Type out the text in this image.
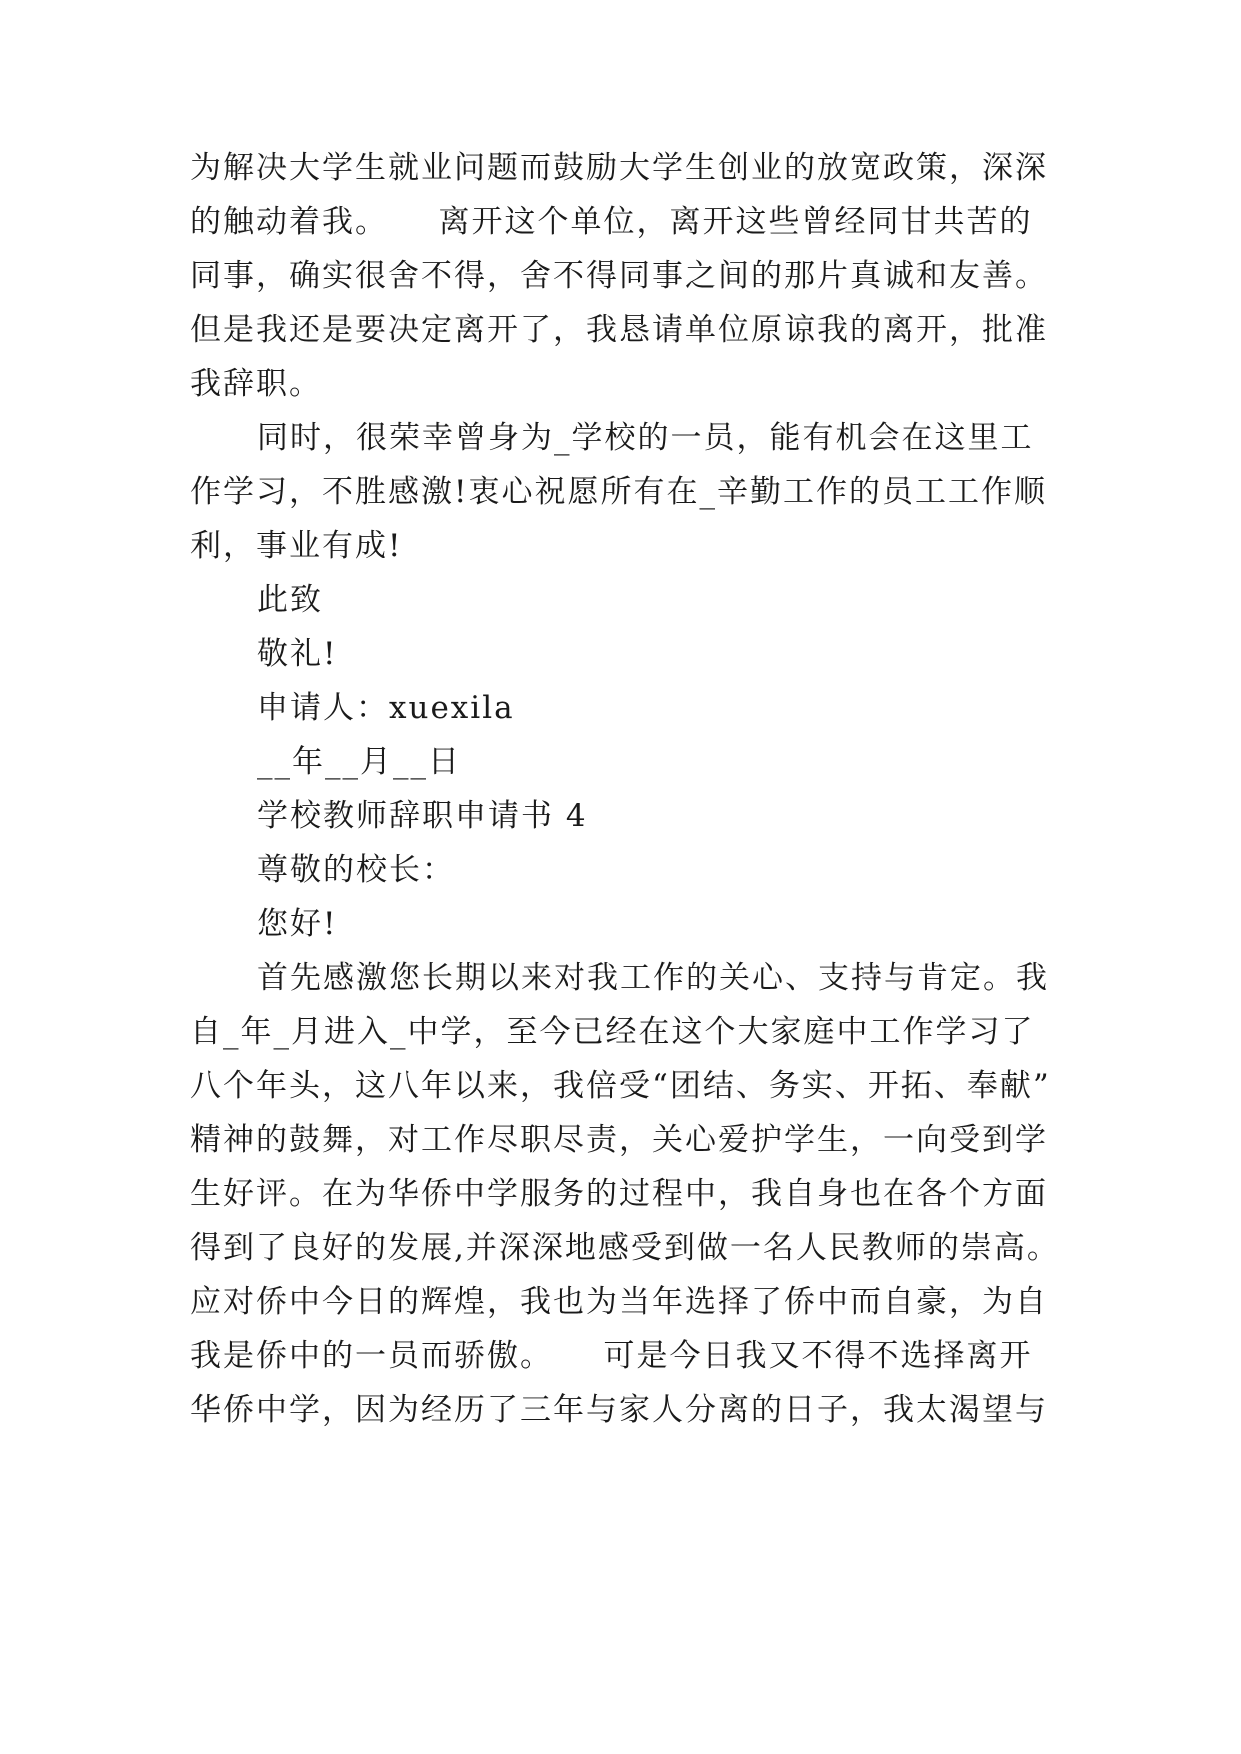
为解决大学生就业问题而鼓励大学生创业的放宽政策，深深
的触动着我。　　离开这个单位，离开这些曾经同甘共苦的
同事，确实很舍不得，舍不得同事之间的那片真诚和友善。
但是我还是要决定离开了，我恳请单位原谅我的离开，批准
我辞职。
同时，很荣幸曾身为_学校的一员，能有机会在这里工
作学习，不胜感激!衷心祝愿所有在_辛勤工作的员工工作顺
利，事业有成!
此致
敬礼!
申请人：xuexila
__年__月__日
学校教师辞职申请书 4
尊敬的校长：
您好!
首先感激您长期以来对我工作的关心、支持与肯定。我
自_年_月进入_中学，至今已经在这个大家庭中工作学习了
八个年头，这八年以来，我倍受“团结、务实、开拓、奉献”
精神的鼓舞，对工作尽职尽责，关心爱护学生，一向受到学
生好评。在为华侨中学服务的过程中，我自身也在各个方面
得到了良好的发展,并深深地感受到做一名人民教师的崇高。
应对侨中今日的辉煌，我也为当年选择了侨中而自豪，为自
我是侨中的一员而骄傲。　　可是今日我又不得不选择离开
华侨中学，因为经历了三年与家人分离的日子，我太渴望与
